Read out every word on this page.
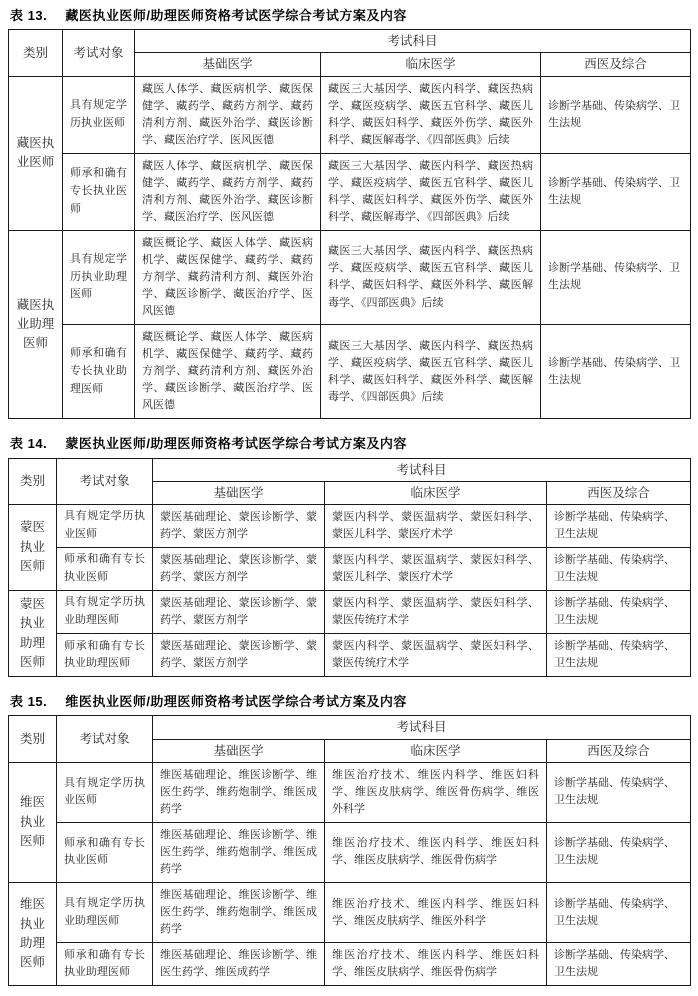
表 13. 藏医执业医师/助理医师资格考试医学综合考试方案及内容
类别	考试对象	考试科目		
		基础医学	临床医学	西医及综合
藏医执业医师	具有规定学历执业医师	藏医人体学、藏医病机学、藏医保健学、藏药学、藏药方剂学、藏药清利方剂、藏医外治学、藏医诊断学、藏医治疗学、医风医德	藏医三大基因学、藏医内科学、藏医热病学、藏医疫病学、藏医五官科学、藏医儿科学、藏医妇科学、藏医外伤学、藏医外科学、藏医解毒学、《四部医典》后续	诊断学基础、传染病学、卫生法规
	师承和确有专长执业医师	藏医人体学、藏医病机学、藏医保健学、藏药学、藏药方剂学、藏药清利方剂、藏医外治学、藏医诊断学、藏医治疗学、医风医德	藏医三大基因学、藏医内科学、藏医热病学、藏医疫病学、藏医五官科学、藏医儿科学、藏医妇科学、藏医外伤学、藏医外科学、藏医解毒学、《四部医典》后续	诊断学基础、传染病学、卫生法规
藏医执业助理医师	具有规定学历执业助理医师	藏医概论学、藏医人体学、藏医病机学、藏医保健学、藏药学、藏药方剂学、藏药清利方剂、藏医外治学、藏医诊断学、藏医治疗学、医风医德	藏医三大基因学、藏医内科学、藏医热病学、藏医疫病学、藏医五官科学、藏医儿科学、藏医妇科学、藏医外科学、藏医解毒学、《四部医典》后续	诊断学基础、传染病学、卫生法规
	师承和确有专长执业助理医师	藏医概论学、藏医人体学、藏医病机学、藏医保健学、藏药学、藏药方剂学、藏药清利方剂、藏医外治学、藏医诊断学、藏医治疗学、医风医德	藏医三大基因学、藏医内科学、藏医热病学、藏医疫病学、藏医五官科学、藏医儿科学、藏医妇科学、藏医外科学、藏医解毒学、《四部医典》后续	诊断学基础、传染病学、卫生法规
表 14. 蒙医执业医师/助理医师资格考试医学综合考试方案及内容
类别	考试对象	考试科目		
		基础医学	临床医学	西医及综合
蒙医执业医师	具有规定学历执业医师	蒙医基础理论、蒙医诊断学、蒙药学、蒙医方剂学	蒙医内科学、蒙医温病学、蒙医妇科学、蒙医儿科学、蒙医疗术学	诊断学基础、传染病学、卫生法规
	师承和确有专长执业医师	蒙医基础理论、蒙医诊断学、蒙药学、蒙医方剂学	蒙医内科学、蒙医温病学、蒙医妇科学、蒙医儿科学、蒙医疗术学	诊断学基础、传染病学、卫生法规
蒙医执业助理医师	具有规定学历执业助理医师	蒙医基础理论、蒙医诊断学、蒙药学、蒙医方剂学	蒙医内科学、蒙医温病学、蒙医妇科学、蒙医传统疗术学	诊断学基础、传染病学、卫生法规
	师承和确有专长执业助理医师	蒙医基础理论、蒙医诊断学、蒙药学、蒙医方剂学	蒙医内科学、蒙医温病学、蒙医妇科学、蒙医传统疗术学	诊断学基础、传染病学、卫生法规
表 15. 维医执业医师/助理医师资格考试医学综合考试方案及内容
类别	考试对象	考试科目		
		基础医学	临床医学	西医及综合
维医执业医师	具有规定学历执业医师	维医基础理论、维医诊断学、维医生药学、维药炮制学、维医成药学	维医治疗技术、维医内科学、维医妇科学、维医皮肤病学、维医骨伤病学、维医外科学	诊断学基础、传染病学、卫生法规
	师承和确有专长执业医师	维医基础理论、维医诊断学、维医生药学、维药炮制学、维医成药学	维医治疗技术、维医内科学、维医妇科学、维医皮肤病学、维医骨伤病学	诊断学基础、传染病学、卫生法规
维医执业助理医师	具有规定学历执业助理医师	维医基础理论、维医诊断学、维医生药学、维药炮制学、维医成药学	维医治疗技术、维医内科学、维医妇科学、维医皮肤病学、维医外科学	诊断学基础、传染病学、卫生法规
	师承和确有专长执业助理医师	维医基础理论、维医诊断学、维医生药学、维医成药学	维医治疗技术、维医内科学、维医妇科学、维医皮肤病学、维医骨伤病学	诊断学基础、传染病学、卫生法规
